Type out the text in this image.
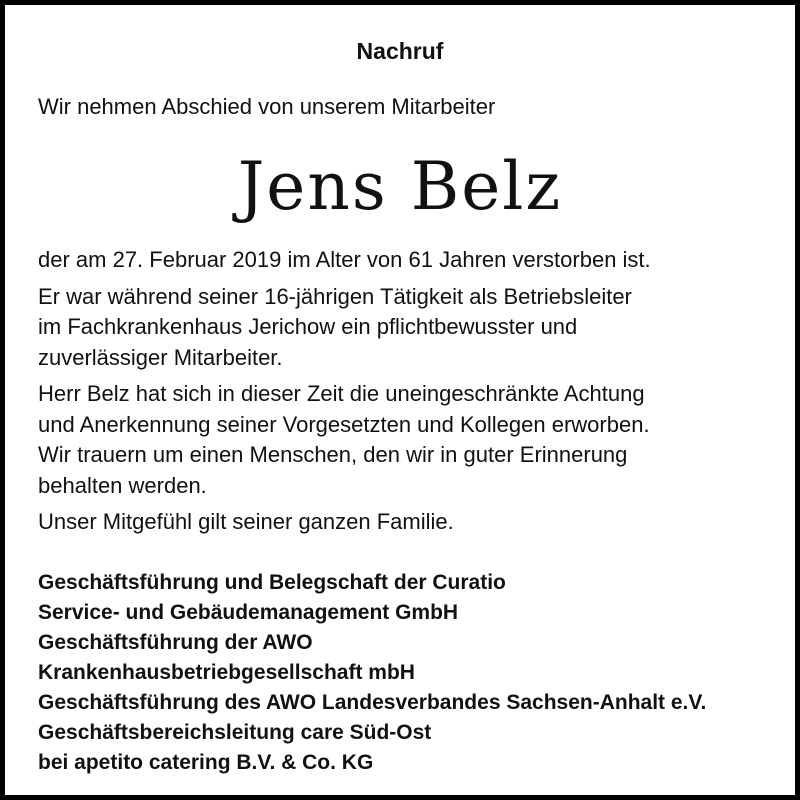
Nachruf

Wir nehmen Abschied von unserem Mitarbeiter

Jens Belz

der am 27. Februar 2019 im Alter von 61 Jahren verstorben ist.

Er war während seiner 16-jährigen Tätigkeit als Betriebsleiter
im Fachkrankenhaus Jerichow ein pflichtbewusster und
zuverlässiger Mitarbeiter.

Herr Belz hat sich in dieser Zeit die uneingeschränkte Achtung
und Anerkennung seiner Vorgesetzten und Kollegen erworben.
Wir trauern um einen Menschen, den wir in guter Erinnerung
behalten werden.

Unser Mitgefühl gilt seiner ganzen Familie.

Geschäftsführung und Belegschaft der Curatio
Service- und Gebäudemanagement GmbH
Geschäftsführung der AWO
Krankenhausbetriebgesellschaft mbH
Geschäftsführung des AWO Landesverbandes Sachsen-Anhalt e.V.
Geschäftsbereichsleitung care Süd-Ost
bei apetito catering B.V. & Co. KG
